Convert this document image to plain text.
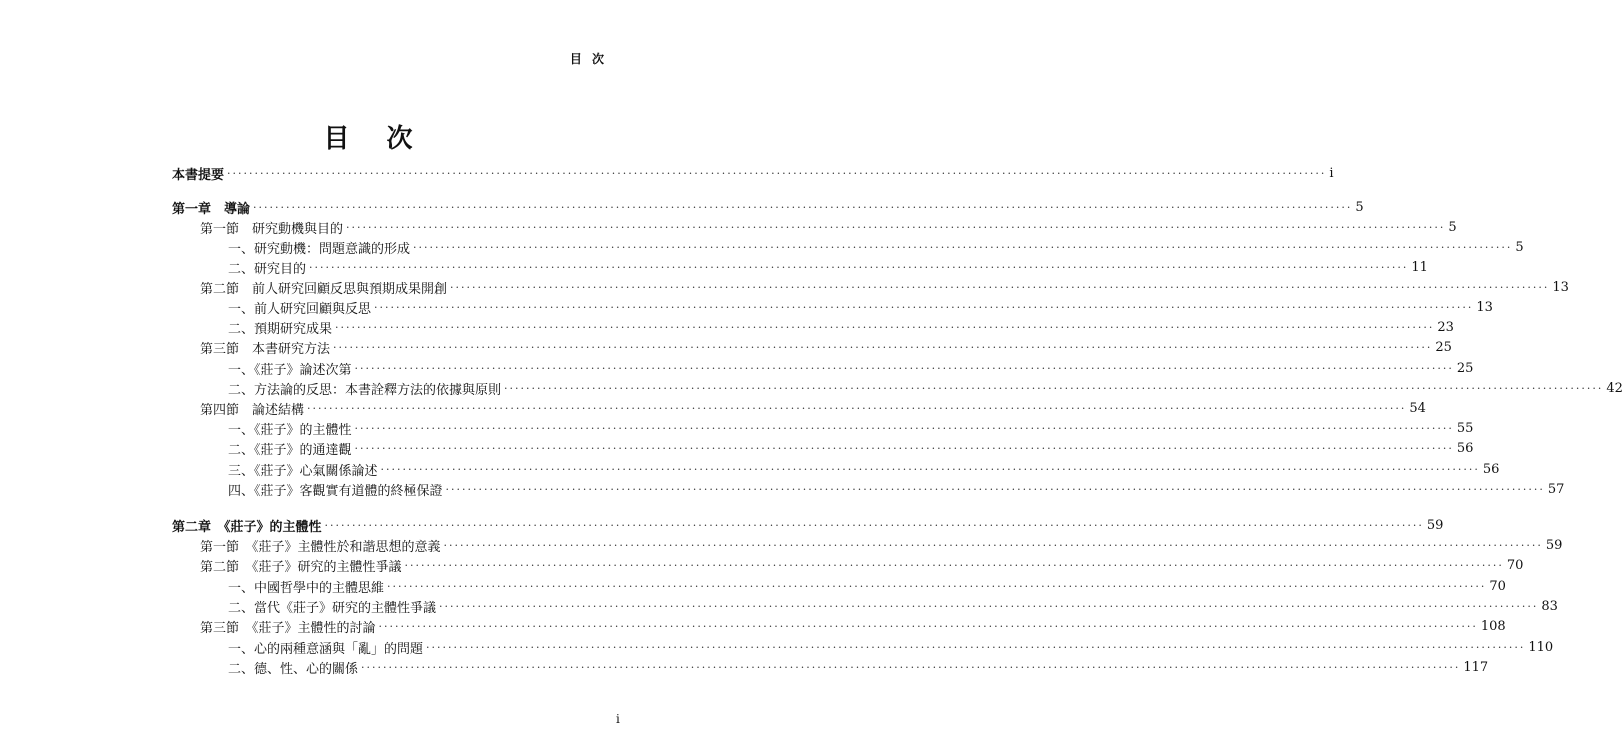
目 次
目 次
本書提要 ········································································································································································································ i
第一章　導論 ········································································································································································································ 5
第一節　研究動機與目的 ········································································································································································································ 5
一、研究動機：問題意識的形成 ········································································································································································································ 5
二、研究目的 ········································································································································································································ 11
第二節　前人研究回顧反思與預期成果開創 ········································································································································································································ 13
一、前人研究回顧與反思 ········································································································································································································ 13
二、預期研究成果 ········································································································································································································ 23
第三節　本書研究方法 ········································································································································································································ 25
一、《莊子》論述次第 ········································································································································································································ 25
二、方法論的反思：本書詮釋方法的依據與原則 ········································································································································································································ 42
第四節　論述結構 ········································································································································································································ 54
一、《莊子》的主體性 ········································································································································································································ 55
二、《莊子》的通達觀 ········································································································································································································ 56
三、《莊子》心氣關係論述 ········································································································································································································ 56
四、《莊子》客觀實有道體的終極保證 ········································································································································································································ 57
第二章　《莊子》的主體性 ········································································································································································································ 59
第一節　《莊子》主體性於和諧思想的意義 ········································································································································································································ 59
第二節　《莊子》研究的主體性爭議 ········································································································································································································ 70
一、中國哲學中的主體思維 ········································································································································································································ 70
二、當代《莊子》研究的主體性爭議 ········································································································································································································ 83
第三節　《莊子》主體性的討論 ········································································································································································································ 108
一、心的兩種意涵與「亂」的問題 ········································································································································································································ 110
二、德、性、心的關係 ········································································································································································································ 117
i
